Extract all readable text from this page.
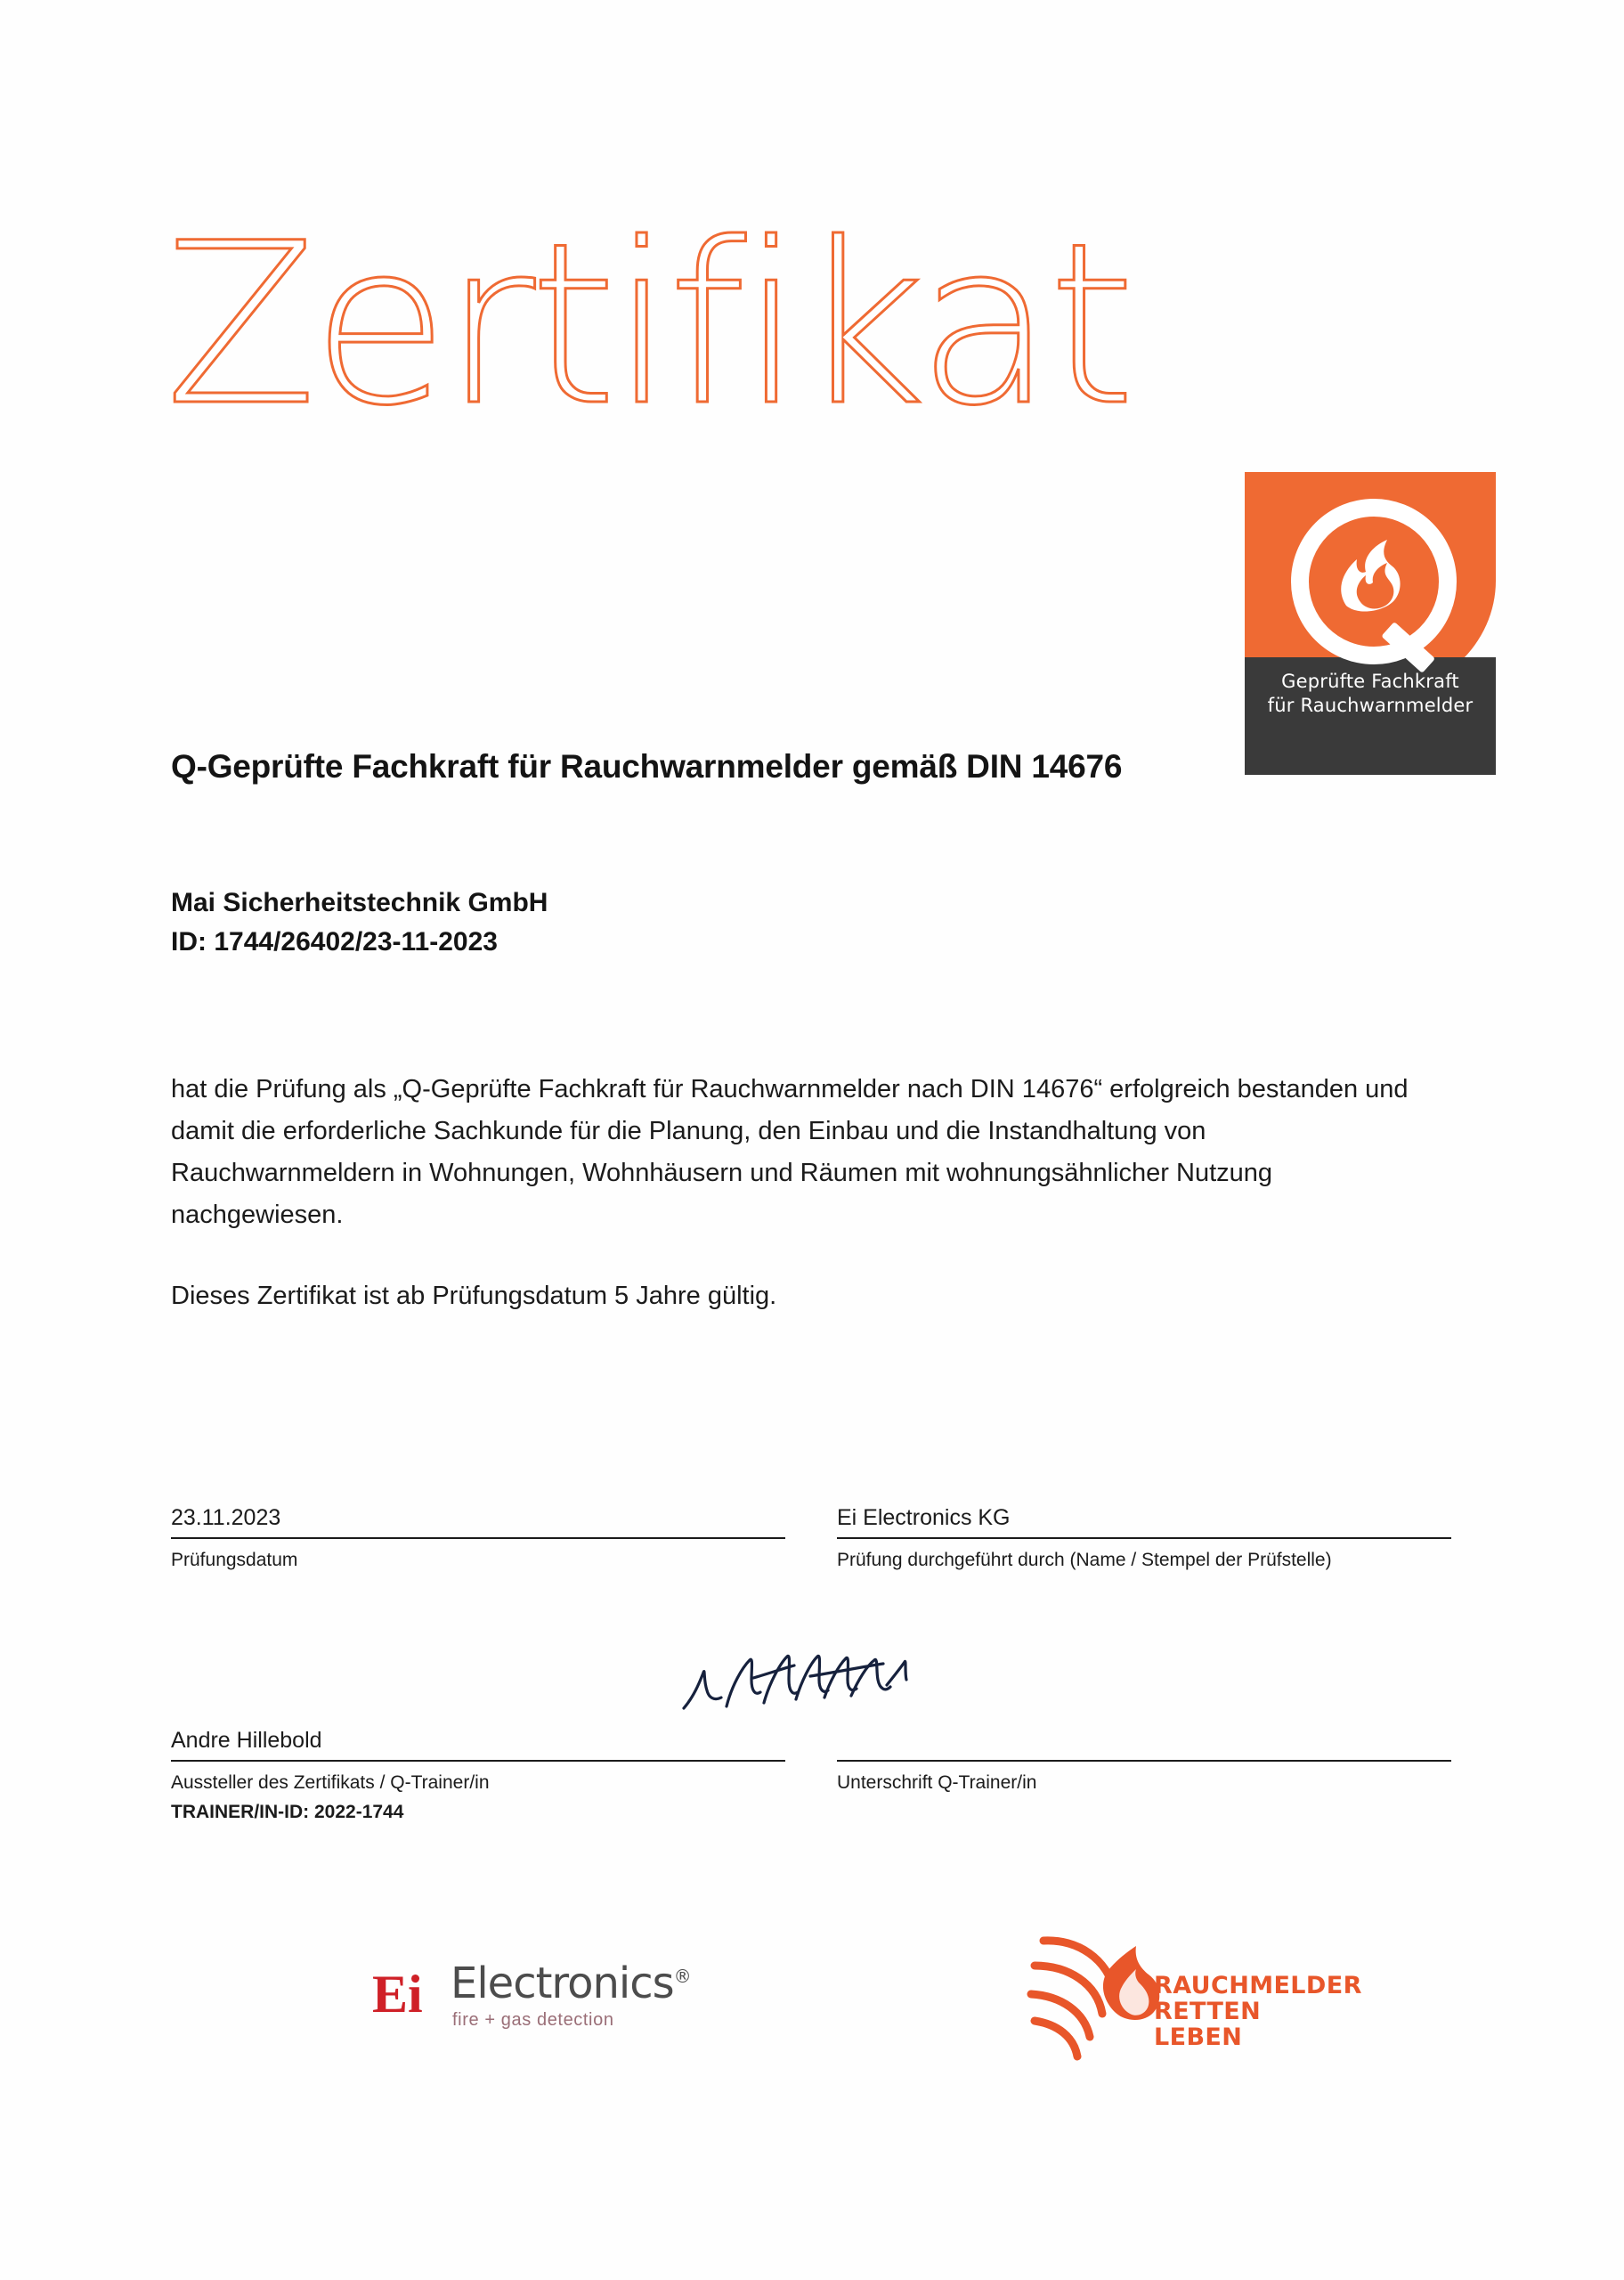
Zertifikat
Geprüfte Fachkraft
für Rauchwarnmelder
Q-Geprüfte Fachkraft für Rauchwarnmelder gemäß DIN 14676
Mai Sicherheitstechnik GmbH
ID: 1744/26402/23-11-2023

hat die Prüfung als „Q-Geprüfte Fachkraft für Rauchwarnmelder nach DIN 14676“ erfolgreich bestanden und damit die erforderliche Sachkunde für die Planung, den Einbau und die Instandhaltung von Rauchwarnmeldern in Wohnungen, Wohnhäusern und Räumen mit wohnungsähnlicher Nutzung nachgewiesen.

Dieses Zertifikat ist ab Prüfungsdatum 5 Jahre gültig.

23.11.2023
Prüfungsdatum
Ei Electronics KG
Prüfung durchgeführt durch (Name / Stempel der Prüfstelle)
Andre Hillebold
Aussteller des Zertifikats / Q-Trainer/in
TRAINER/IN-ID: 2022-1744

Unterschrift Q-Trainer/in
Ei Electronics®
fire + gas detection
RAUCHMELDER
RETTEN
LEBEN
